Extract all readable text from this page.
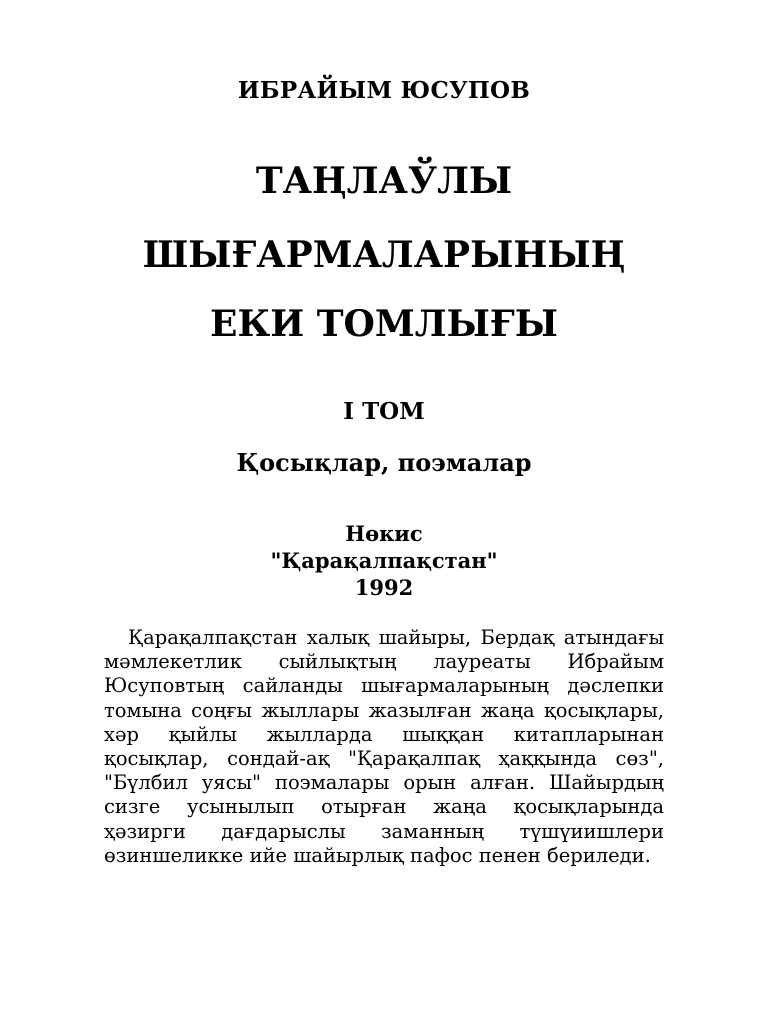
ИБРАЙЫМ ЮСУПОВ
ТАҢЛАЎЛЫ
ШЫҒАРМАЛАРЫНЫҢ
ЕКИ ТОМЛЫҒЫ
I ТОМ
Қосықлар, поэмалар
Нөкис
"Қарақалпақстан"
1992

Қарақалпақстан халық шайыры, Бердақ атындағы мәмлекетлик сыйлықтың лауреаты Ибрайым Юсуповтың сайланды шығармаларының дәслепки томына соңғы жыллары жазылған жаңа қосықлары, хәр қыйлы жылларда шыққан китапларынан қосықлар, сондай-ақ "Қарақалпақ ҳаққында сөз", "Бүлбил уясы" поэмалары орын алған. Шайырдың сизге усынылып отырған жаңа қосықларында ҳәзирги дағдарыслы заманның түшүиишлери өзиншеликке ийе шайырлық пафос пенен бериледи.
